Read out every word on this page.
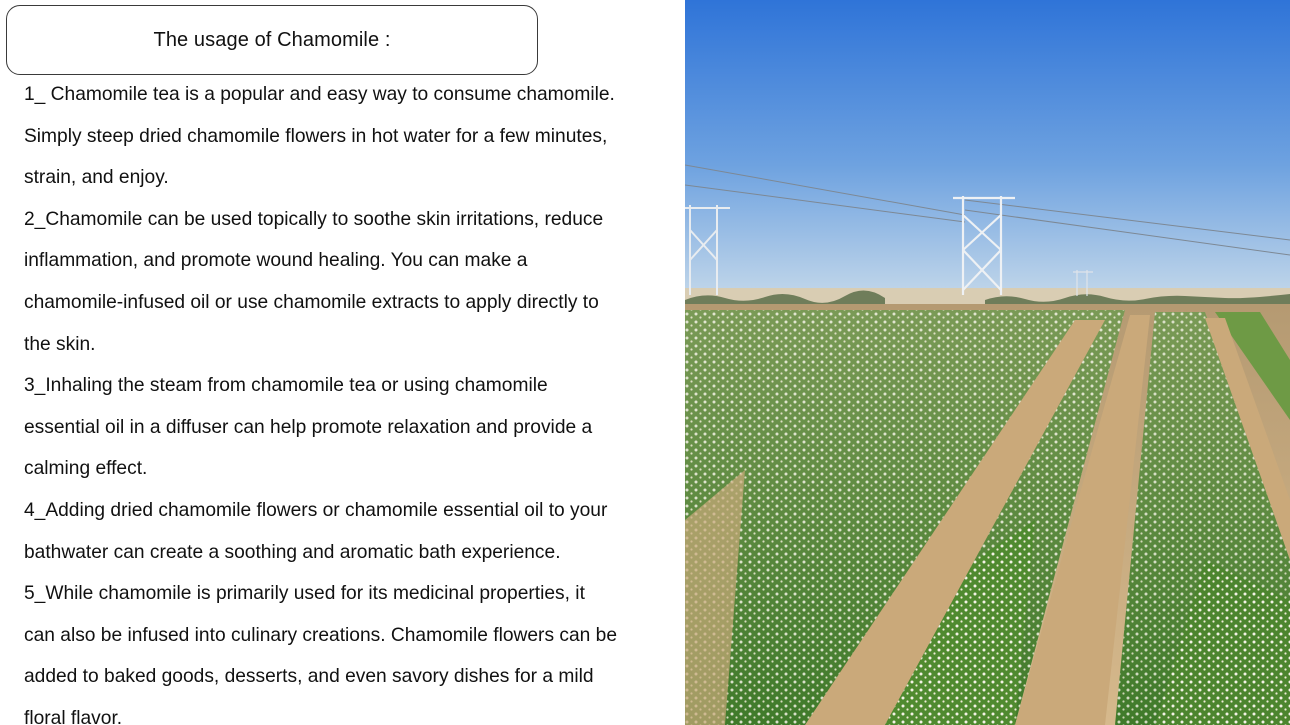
The usage of Chamomile :
1_ Chamomile tea is a popular and easy way to consume chamomile.
Simply steep dried chamomile flowers in hot water for a few minutes,
strain, and enjoy.
2_Chamomile can be used topically to soothe skin irritations, reduce
inflammation, and promote wound healing. You can make a
chamomile-infused oil or use chamomile extracts to apply directly to
the skin.
3_Inhaling the steam from chamomile tea or using chamomile
essential oil in a diffuser can help promote relaxation and provide a
calming effect.
4_Adding dried chamomile flowers or chamomile essential oil to your
bathwater can create a soothing and aromatic bath experience.
5_While chamomile is primarily used for its medicinal properties, it
can also be infused into culinary creations. Chamomile flowers can be
added to baked goods, desserts, and even savory dishes for a mild
floral flavor.
